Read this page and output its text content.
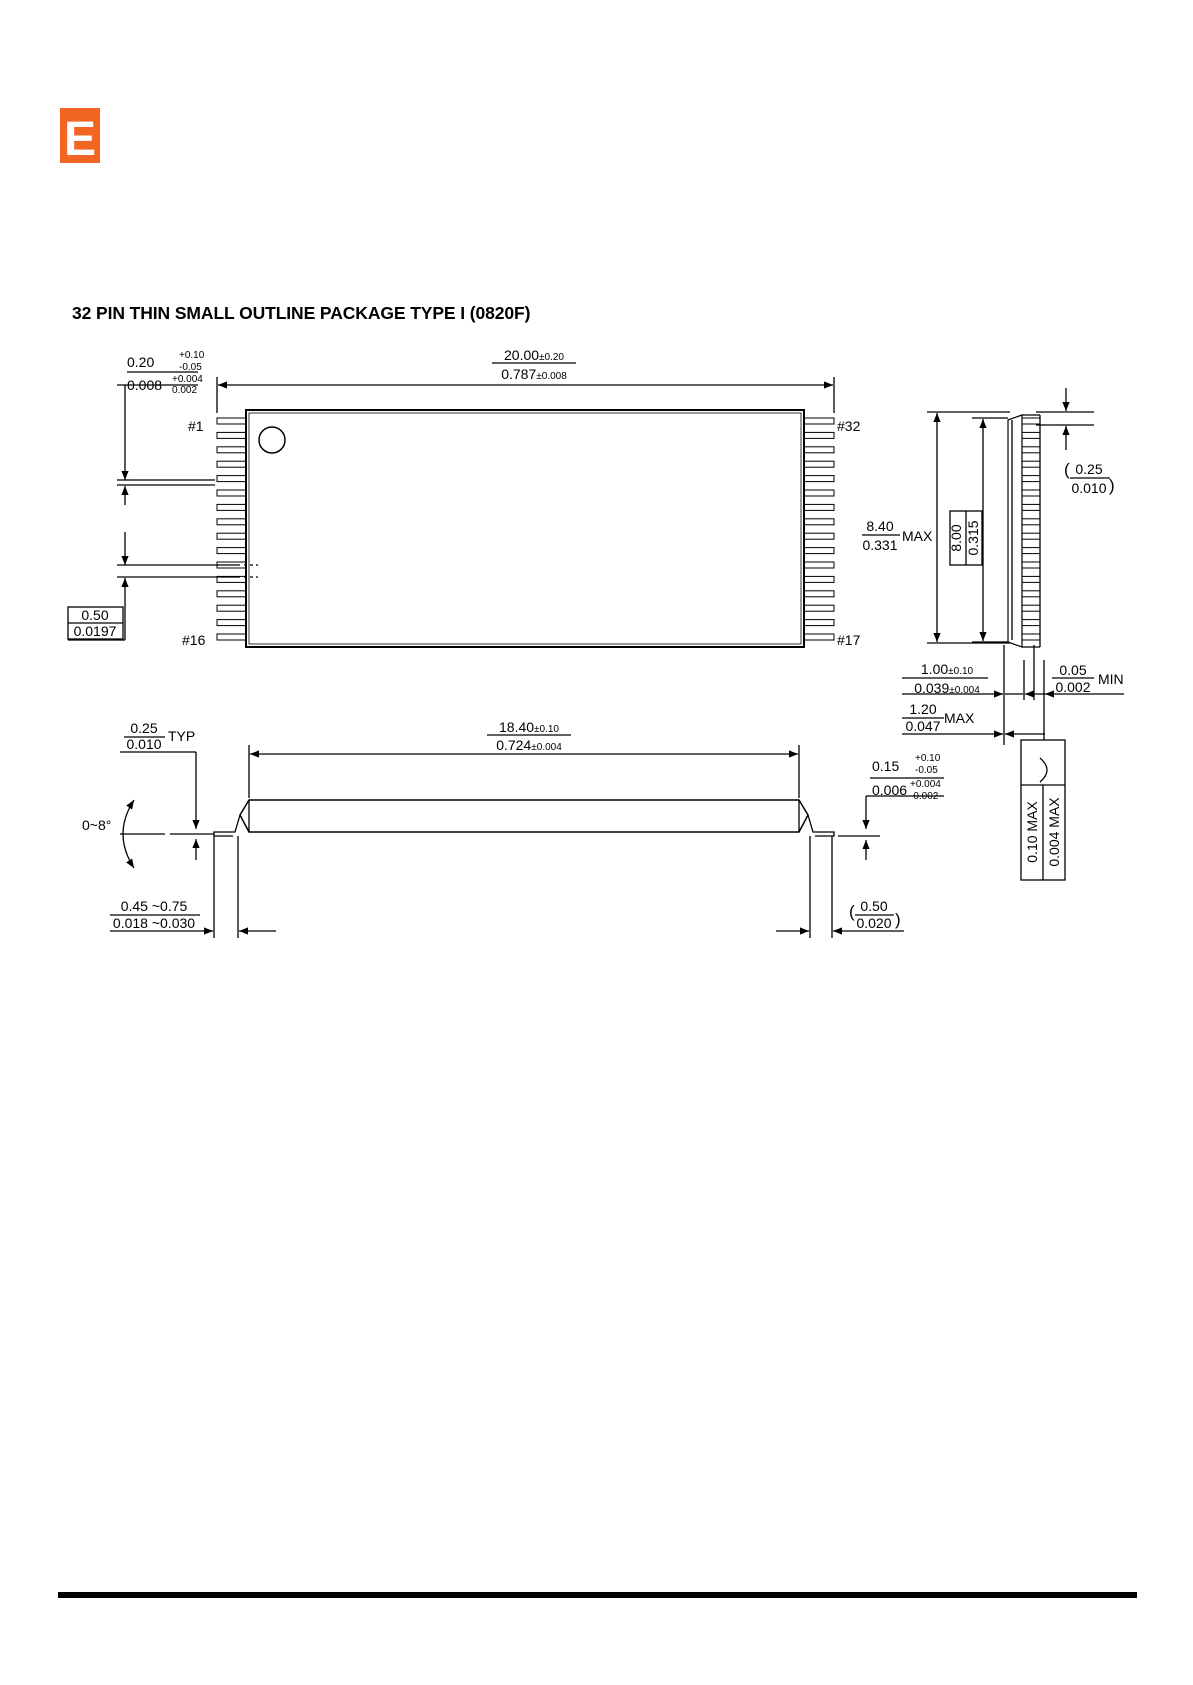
E
32 PIN THIN SMALL OUTLINE PACKAGE TYPE I (0820F)
#1
#16
#32
#17
20.00±0.20
0.787±0.008
0.20 +0.10
-0.05
0.008 +0.004
0.002
0.50
0.0197
8.40
0.331
MAX 8.00 0.315
( 0.25
0.010 )
1.00±0.10
0.039±0.004
0.05
0.002 MIN
1.20
0.047 MAX
0.10 MAX 0.004 MAX
0.25
0.010 TYP
0~8°
18.40±0.10
0.724±0.004
0.15 +0.10
-0.05
0.006 +0.004
-0.002
0.45 ~0.75
0.018 ~0.030
( 0.50
0.020 )
